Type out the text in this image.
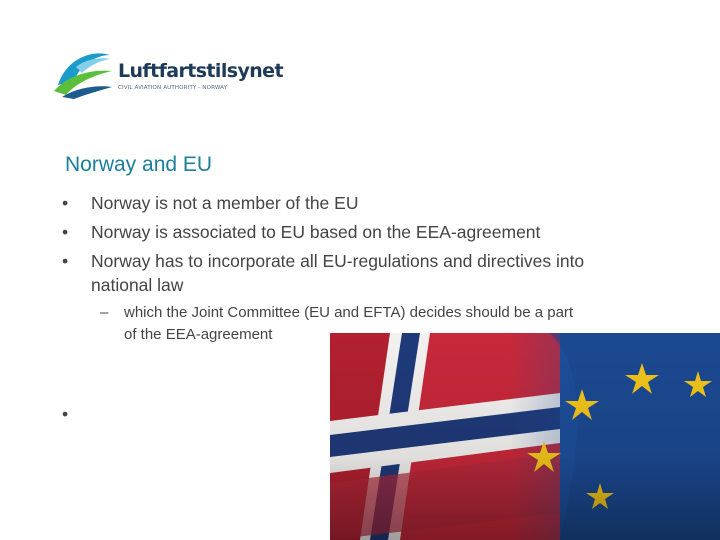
Luftfartstilsynet
CIVIL AVIATION AUTHORITY - NORWAY
Norway and EU
• Norway is not a member of the EU
• Norway is associated to EU based on the EEA-agreement
• Norway has to incorporate all EU-regulations and directives into
national law
– which the Joint Committee (EU and EFTA) decides should be a part
of the EEA-agreement
•
